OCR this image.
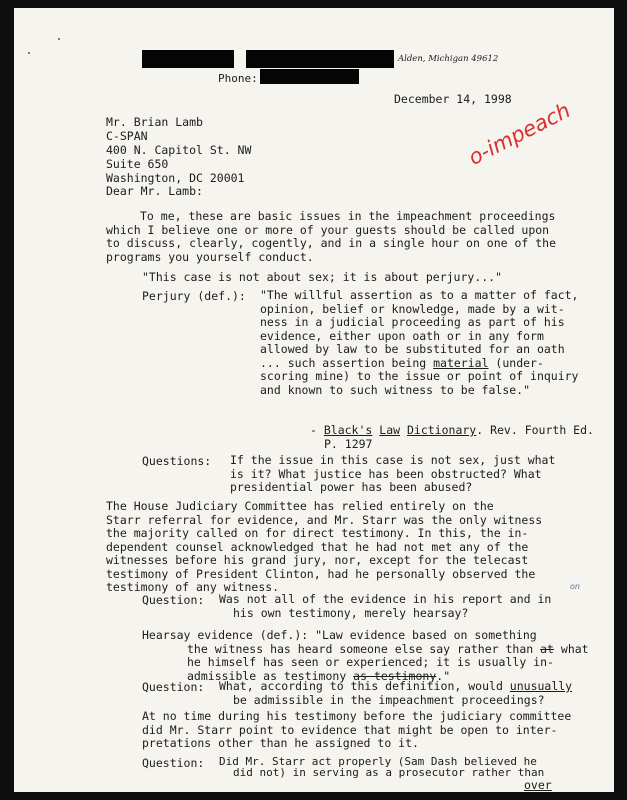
Alden, Michigan 49612
Phone:
December 14, 1998
Mr. Brian Lamb
C-SPAN
400 N. Capitol St. NW
Suite 650
Washington, DC 20001
o-impeach
Dear Mr. Lamb:
To me, these are basic issues in the impeachment proceedings
which I believe one or more of your guests should be called upon
to discuss, clearly, cogently, and in a single hour on one of the
programs you yourself conduct.
"This case is not about sex; it is about perjury..."
Perjury (def.): "The willful assertion as to a matter of fact,
opinion, belief or knowledge, made by a wit-
ness in a judicial proceeding as part of his
evidence, either upon oath or in any form
allowed by law to be substituted for an oath
... such assertion being material (under-
scoring mine) to the issue or point of inquiry
and known to such witness to be false."
- Black's Law Dictionary. Rev. Fourth Ed.
P. 1297
Questions: If the issue in this case is not sex, just what
is it? What justice has been obstructed? What
presidential power has been abused?
The House Judiciary Committee has relied entirely on the
Starr referral for evidence, and Mr. Starr was the only witness
the majority called on for direct testimony. In this, the in-
dependent counsel acknowledged that he had not met any of the
witnesses before his grand jury, nor, except for the telecast
testimony of President Clinton, had he personally observed the
testimony of any witness.
Question: Was not all of the evidence in his report and in
his own testimony, merely hearsay?
on
Hearsay evidence (def.): "Law evidence based on something
the witness has heard someone else say rather than at what
he himself has seen or experienced; it is usually in-
admissible as testimony as testimony."
Question: What, according to this definition, would unusually
be admissible in the impeachment proceedings?
At no time during his testimony before the judiciary committee
did Mr. Starr point to evidence that might be open to inter-
pretations other than he assigned to it.
Question: Did Mr. Starr act properly (Sam Dash believed he
did not) in serving as a prosecutor rather than
over
